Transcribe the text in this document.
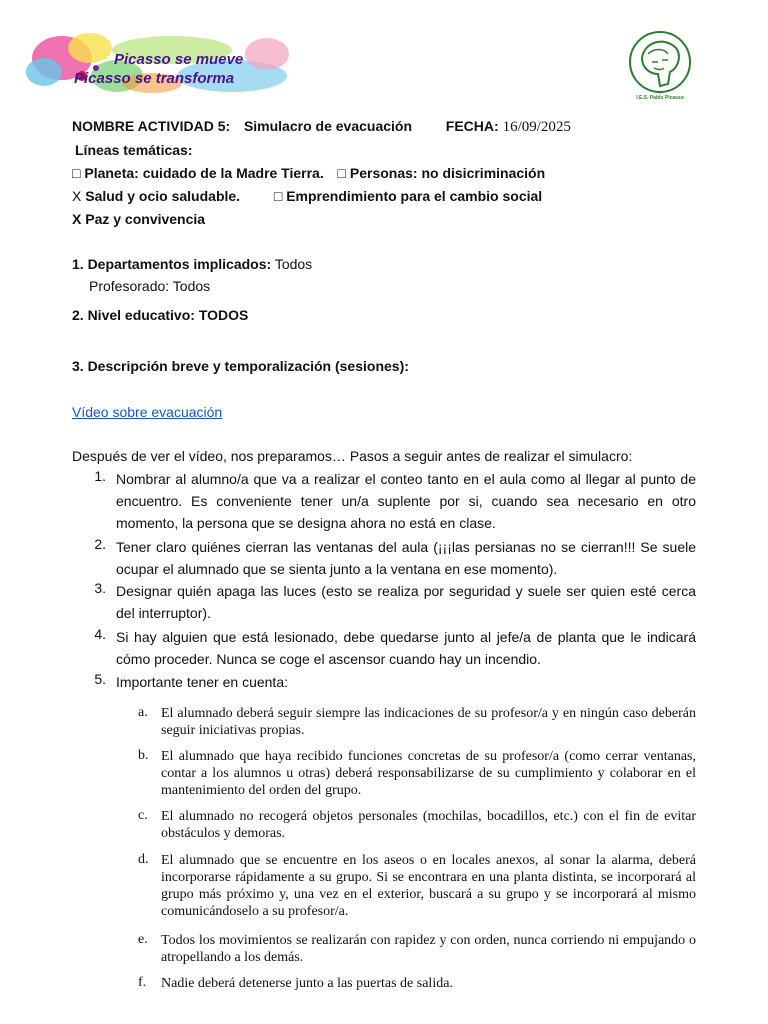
Picasso se mueve
Picasso se transforma
I.E.S. Pablo Picasso
NOMBRE ACTIVIDAD 5: Simulacro de evacuación FECHA: 16/09/2025
Líneas temáticas:
□ Planeta: cuidado de la Madre Tierra. □ Personas: no disicriminación
X Salud y ocio saludable. □ Emprendimiento para el cambio social
X Paz y convivencia
1. Departamentos implicados: Todos
Profesorado: Todos
2. Nivel educativo: TODOS
3. Descripción breve y temporalización (sesiones):
Vídeo sobre evacuación
Después de ver el vídeo, nos preparamos… Pasos a seguir antes de realizar el simulacro:
1. Nombrar al alumno/a que va a realizar el conteo tanto en el aula como al llegar al punto de encuentro. Es conveniente tener un/a suplente por si, cuando sea necesario en otro momento, la persona que se designa ahora no está en clase.
2. Tener claro quiénes cierran las ventanas del aula (¡¡¡las persianas no se cierran!!! Se suele ocupar el alumnado que se sienta junto a la ventana en ese momento).
3. Designar quién apaga las luces (esto se realiza por seguridad y suele ser quien esté cerca del interruptor).
4. Si hay alguien que está lesionado, debe quedarse junto al jefe/a de planta que le indicará cómo proceder. Nunca se coge el ascensor cuando hay un incendio.
5. Importante tener en cuenta:
a. El alumnado deberá seguir siempre las indicaciones de su profesor/a y en ningún caso deberán seguir iniciativas propias.
b. El alumnado que haya recibido funciones concretas de su profesor/a (como cerrar ventanas, contar a los alumnos u otras) deberá responsabilizarse de su cumplimiento y colaborar en el mantenimiento del orden del grupo.
c. El alumnado no recogerá objetos personales (mochilas, bocadillos, etc.) con el fin de evitar obstáculos y demoras.
d. El alumnado que se encuentre en los aseos o en locales anexos, al sonar la alarma, deberá incorporarse rápidamente a su grupo. Si se encontrara en una planta distinta, se incorporará al grupo más próximo y, una vez en el exterior, buscará a su grupo y se incorporará al mismo comunicándoselo a su profesor/a.
e. Todos los movimientos se realizarán con rapidez y con orden, nunca corriendo ni empujando o atropellando a los demás.
f. Nadie deberá detenerse junto a las puertas de salida.
